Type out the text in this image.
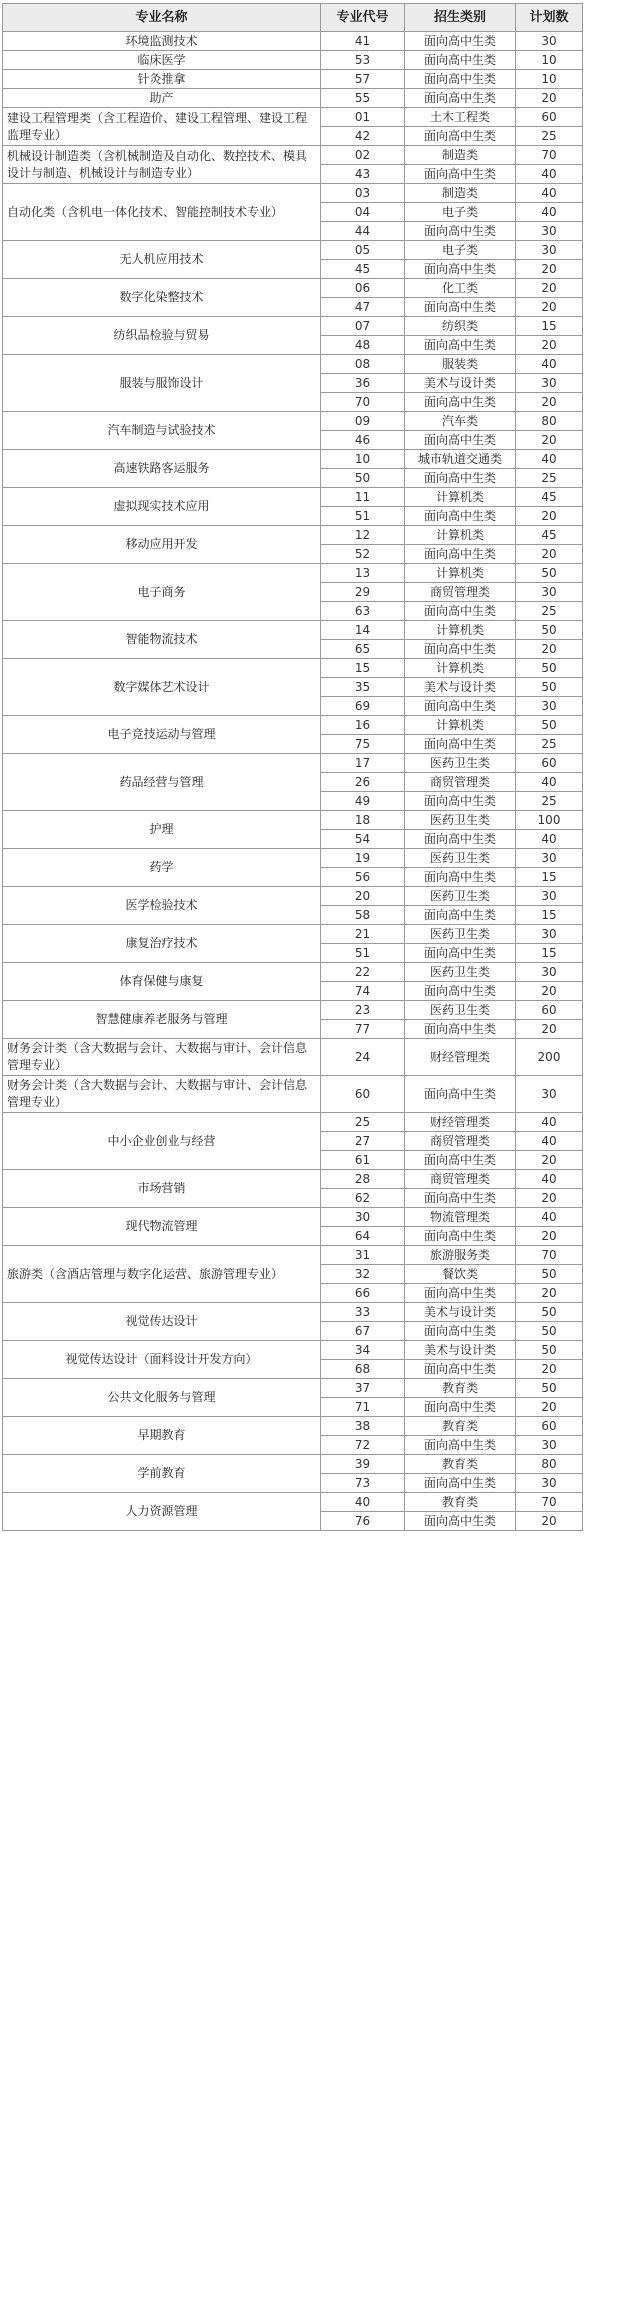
专业名称	专业代号	招生类别	计划数
环境监测技术	41	面向高中生类	30
临床医学	53	面向高中生类	10
针灸推拿	57	面向高中生类	10
助产	55	面向高中生类	20
建设工程管理类（含工程造价、建设工程管理、建设工程监理专业）	01	土木工程类	60
	42	面向高中生类	25
机械设计制造类（含机械制造及自动化、数控技术、模具设计与制造、机械设计与制造专业）	02	制造类	70
	43	面向高中生类	40
自动化类（含机电一体化技术、智能控制技术专业）	03	制造类	40
	04	电子类	40
	44	面向高中生类	30
无人机应用技术	05	电子类	30
	45	面向高中生类	20
数字化染整技术	06	化工类	20
	47	面向高中生类	20
纺织品检验与贸易	07	纺织类	15
	48	面向高中生类	20
服装与服饰设计	08	服装类	40
	36	美术与设计类	30
	70	面向高中生类	20
汽车制造与试验技术	09	汽车类	80
	46	面向高中生类	20
高速铁路客运服务	10	城市轨道交通类	40
	50	面向高中生类	25
虚拟现实技术应用	11	计算机类	45
	51	面向高中生类	20
移动应用开发	12	计算机类	45
	52	面向高中生类	20
电子商务	13	计算机类	50
	29	商贸管理类	30
	63	面向高中生类	25
智能物流技术	14	计算机类	50
	65	面向高中生类	20
数字媒体艺术设计	15	计算机类	50
	35	美术与设计类	50
	69	面向高中生类	30
电子竞技运动与管理	16	计算机类	50
	75	面向高中生类	25
药品经营与管理	17	医药卫生类	60
	26	商贸管理类	40
	49	面向高中生类	25
护理	18	医药卫生类	100
	54	面向高中生类	40
药学	19	医药卫生类	30
	56	面向高中生类	15
医学检验技术	20	医药卫生类	30
	58	面向高中生类	15
康复治疗技术	21	医药卫生类	30
	51	面向高中生类	15
体育保健与康复	22	医药卫生类	30
	74	面向高中生类	20
智慧健康养老服务与管理	23	医药卫生类	60
	77	面向高中生类	20
财务会计类（含大数据与会计、大数据与审计、会计信息管理专业）	24	财经管理类	200
财务会计类（含大数据与会计、大数据与审计、会计信息管理专业）	60	面向高中生类	30
中小企业创业与经营	25	财经管理类	40
	27	商贸管理类	40
	61	面向高中生类	20
市场营销	28	商贸管理类	40
	62	面向高中生类	20
现代物流管理	30	物流管理类	40
	64	面向高中生类	20
旅游类（含酒店管理与数字化运营、旅游管理专业）	31	旅游服务类	70
	32	餐饮类	50
	66	面向高中生类	20
视觉传达设计	33	美术与设计类	50
	67	面向高中生类	50
视觉传达设计（面料设计开发方向）	34	美术与设计类	50
	68	面向高中生类	20
公共文化服务与管理	37	教育类	50
	71	面向高中生类	20
早期教育	38	教育类	60
	72	面向高中生类	30
学前教育	39	教育类	80
	73	面向高中生类	30
人力资源管理	40	教育类	70
	76	面向高中生类	20
